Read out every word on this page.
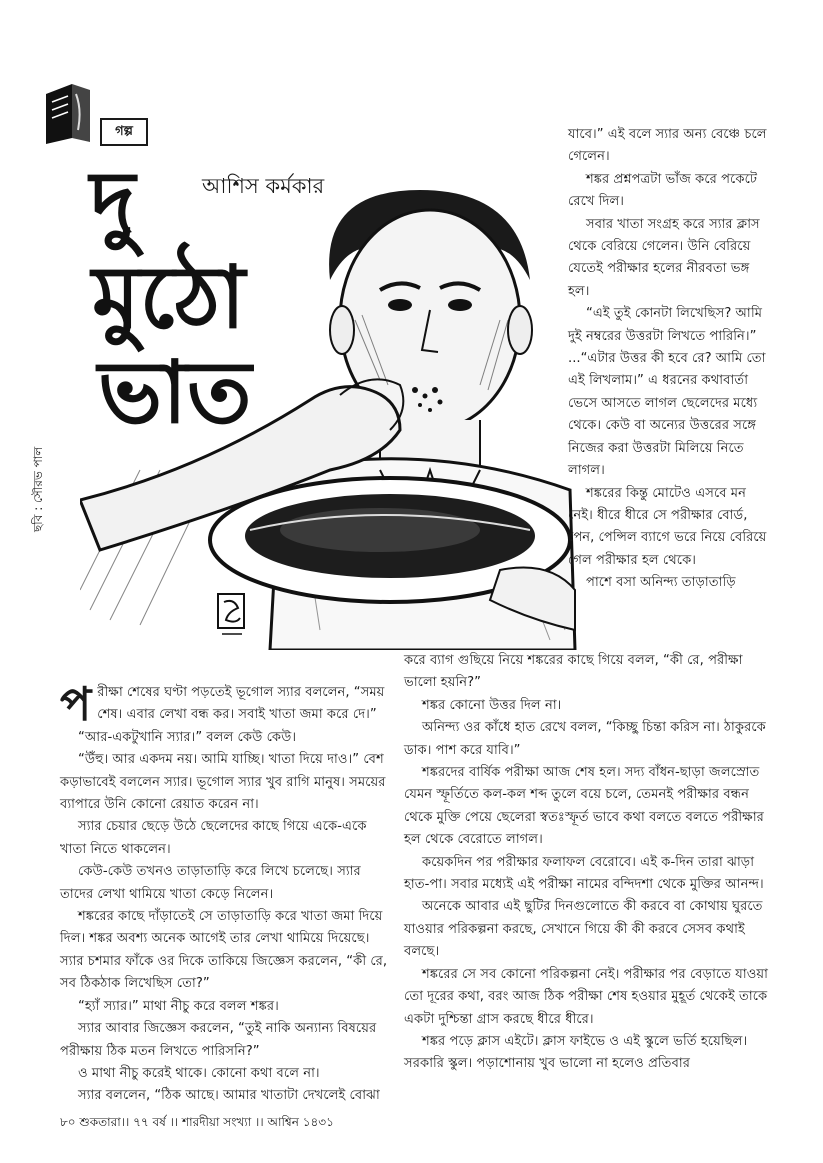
গল্প
আশিস কর্মকার
দু
মুঠো
ভাত
ছবি : সৌরভ পাল

যাবে।” এই বলে স্যার অন্য বেঞ্চে চলে গেলেন।

শঙ্কর প্রশ্নপত্রটা ভাঁজ করে পকেটে রেখে দিল।

সবার খাতা সংগ্রহ করে স্যার ক্লাস থেকে বেরিয়ে গেলেন। উনি বেরিয়ে যেতেই পরীক্ষার হলের নীরবতা ভঙ্গ হল।

“এই তুই কোনটা লিখেছিস? আমি দুই নম্বরের উত্তরটা লিখতে পারিনি।” ...“এটার উত্তর কী হবে রে? আমি তো এই লিখলাম।” এ ধরনের কথাবার্তা ভেসে আসতে লাগল ছেলেদের মধ্যে থেকে। কেউ বা অন্যের উত্তরের সঙ্গে নিজের করা উত্তরটা মিলিয়ে নিতে লাগল।

শঙ্করের কিন্তু মোটেও এসবে মন নেই। ধীরে ধীরে সে পরীক্ষার বোর্ড, পেন, পেন্সিল ব্যাগে ভরে নিয়ে বেরিয়ে গেল পরীক্ষার হল থেকে।

পাশে বসা অনিন্দ্য তাড়াতাড়ি

পরীক্ষা শেষের ঘণ্টা পড়তেই ভূগোল স্যার বললেন, “সময় শেষ। এবার লেখা বন্ধ কর। সবাই খাতা জমা করে দে।”

“আর-একটুখানি স্যার।” বলল কেউ কেউ।

“উঁহু। আর একদম নয়। আমি যাচ্ছি। খাতা দিয়ে দাও।” বেশ কড়াভাবেই বললেন স্যার। ভূগোল স্যার খুব রাগি মানুষ। সময়ের ব্যাপারে উনি কোনো রেয়াত করেন না।

স্যার চেয়ার ছেড়ে উঠে ছেলেদের কাছে গিয়ে একে-একে খাতা নিতে থাকলেন।

কেউ-কেউ তখনও তাড়াতাড়ি করে লিখে চলেছে। স্যার তাদের লেখা থামিয়ে খাতা কেড়ে নিলেন।

শঙ্করের কাছে দাঁড়াতেই সে তাড়াতাড়ি করে খাতা জমা দিয়ে দিল। শঙ্কর অবশ্য অনেক আগেই তার লেখা থামিয়ে দিয়েছে। স্যার চশমার ফাঁকে ওর দিকে তাকিয়ে জিজ্ঞেস করলেন, “কী রে, সব ঠিকঠাক লিখেছিস তো?”

“হ্যাঁ স্যার।” মাথা নীচু করে বলল শঙ্কর।

স্যার আবার জিজ্ঞেস করলেন, “তুই নাকি অন্যান্য বিষয়ের পরীক্ষায় ঠিক মতন লিখতে পারিসনি?”

ও মাথা নীচু করেই থাকে। কোনো কথা বলে না।

স্যার বললেন, “ঠিক আছে। আমার খাতাটা দেখলেই বোঝা

করে ব্যাগ গুছিয়ে নিয়ে শঙ্করের কাছে গিয়ে বলল, “কী রে, পরীক্ষা ভালো হয়নি?”

শঙ্কর কোনো উত্তর দিল না।

অনিন্দ্য ওর কাঁধে হাত রেখে বলল, “কিচ্ছু চিন্তা করিস না। ঠাকুরকে ডাক। পাশ করে যাবি।”

শঙ্করদের বার্ষিক পরীক্ষা আজ শেষ হল। সদ্য বাঁধন-ছাড়া জলস্রোত যেমন স্ফূর্তিতে কল-কল শব্দ তুলে বয়ে চলে, তেমনই পরীক্ষার বন্ধন থেকে মুক্তি পেয়ে ছেলেরা স্বতঃস্ফূর্ত ভাবে কথা বলতে বলতে পরীক্ষার হল থেকে বেরোতে লাগল।

কয়েকদিন পর পরীক্ষার ফলাফল বেরোবে। এই ক-দিন তারা ঝাড়া হাত-পা। সবার মধ্যেই এই পরীক্ষা নামের বন্দিদশা থেকে মুক্তির আনন্দ।

অনেকে আবার এই ছুটির দিনগুলোতে কী করবে বা কোথায় ঘুরতে যাওয়ার পরিকল্পনা করছে, সেখানে গিয়ে কী কী করবে সেসব কথাই বলছে।

শঙ্করের সে সব কোনো পরিকল্পনা নেই। পরীক্ষার পর বেড়াতে যাওয়া তো দূরের কথা, বরং আজ ঠিক পরীক্ষা শেষ হওয়ার মুহূর্ত থেকেই তাকে একটা দুশ্চিন্তা গ্রাস করছে ধীরে ধীরে।

শঙ্কর পড়ে ক্লাস এইটে। ক্লাস ফাইভে ও এই স্কুলে ভর্তি হয়েছিল। সরকারি স্কুল। পড়াশোনায় খুব ভালো না হলেও প্রতিবার

৮০ শুকতারা।। ৭৭ বর্ষ ।। শারদীয়া সংখ্যা ।। আশ্বিন ১৪৩১
